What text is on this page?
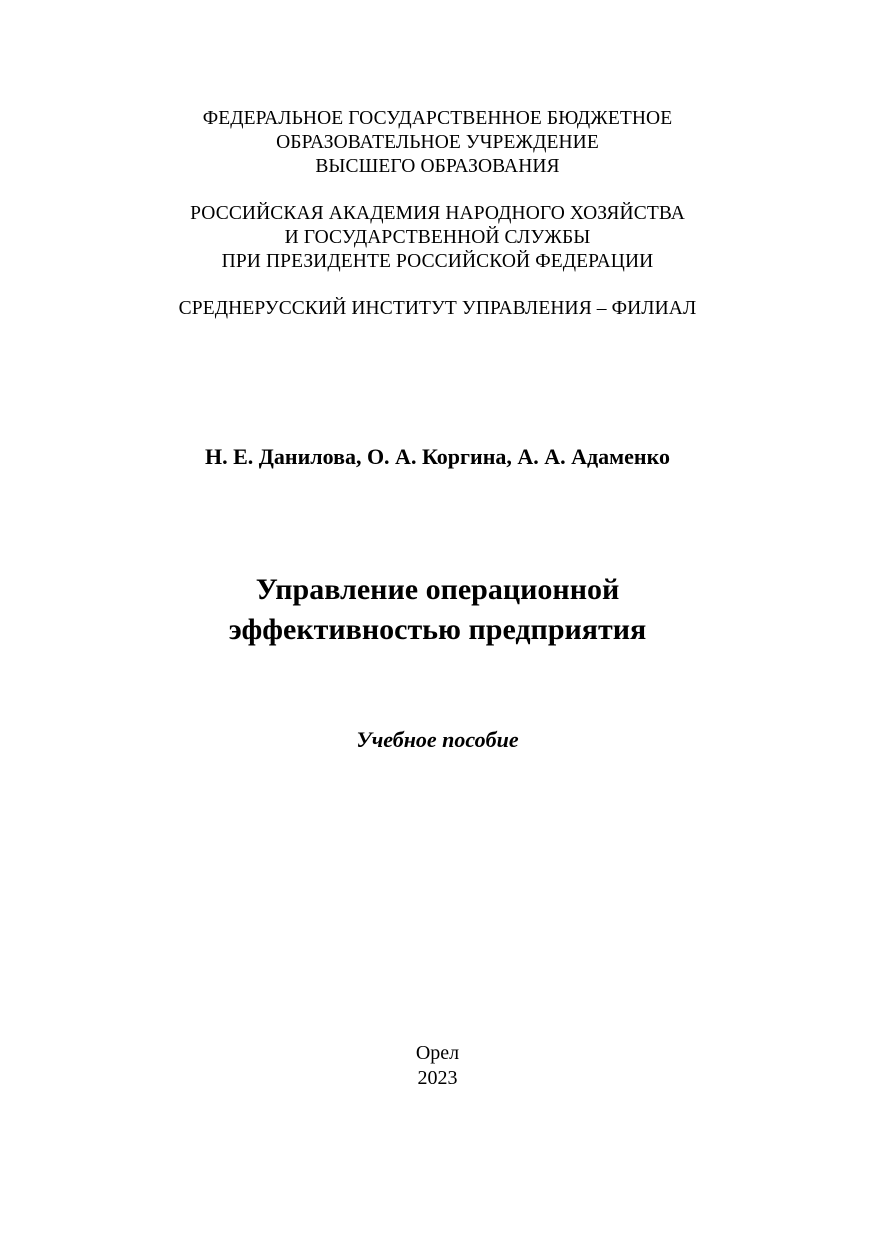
ФЕДЕРАЛЬНОЕ ГОСУДАРСТВЕННОЕ БЮДЖЕТНОЕ
ОБРАЗОВАТЕЛЬНОЕ УЧРЕЖДЕНИЕ
ВЫСШЕГО ОБРАЗОВАНИЯ
РОССИЙСКАЯ АКАДЕМИЯ НАРОДНОГО ХОЗЯЙСТВА
И ГОСУДАРСТВЕННОЙ СЛУЖБЫ
ПРИ ПРЕЗИДЕНТЕ РОССИЙСКОЙ ФЕДЕРАЦИИ
СРЕДНЕРУССКИЙ ИНСТИТУТ УПРАВЛЕНИЯ – ФИЛИАЛ
Н. Е. Данилова, О. А. Коргина, А. А. Адаменко
Управление операционной
эффективностью предприятия
Учебное пособие
Орел
2023
